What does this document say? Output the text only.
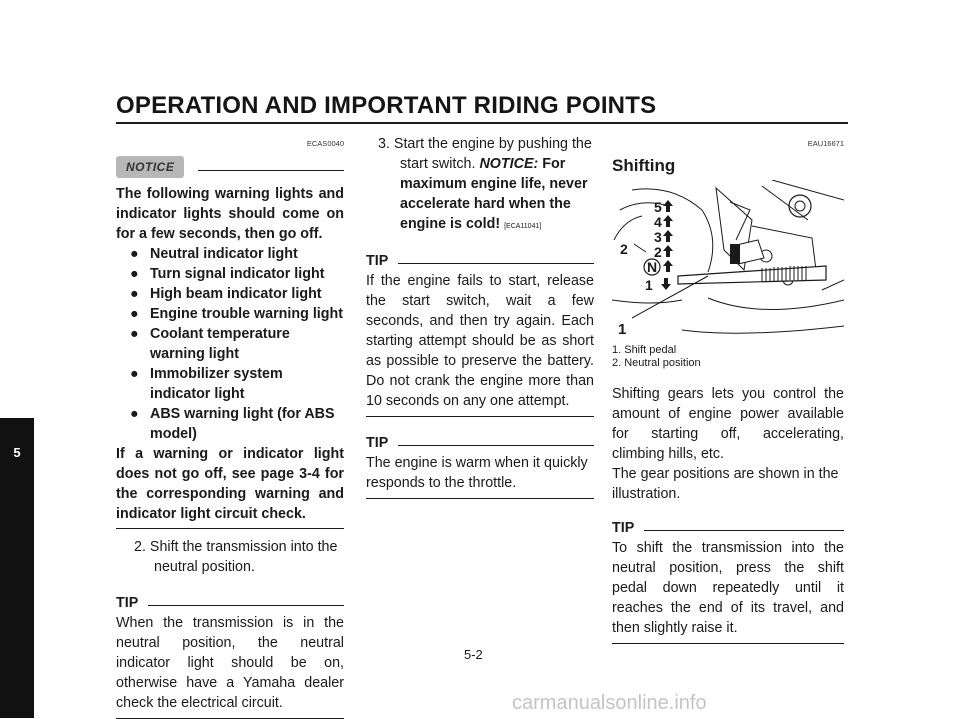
OPERATION AND IMPORTANT RIDING POINTS
5
ECAS0040
NOTICE

The following warning lights and indicator lights should come on for a few seconds, then go off.

● Neutral indicator light
● Turn signal indicator light
● High beam indicator light
● Engine trouble warning light
● Coolant temperature warning light
● Immobilizer system indicator light
● ABS warning light (for ABS model)

If a warning or indicator light does not go off, see page 3-4 for the corresponding warning and indicator light circuit check.

2. Shift the transmission into the neutral position.

TIP

When the transmission is in the neutral position, the neutral indicator light should be on, otherwise have a Yamaha dealer check the electrical circuit.

3. Start the engine by pushing the start switch. NOTICE: For maximum engine life, never accelerate hard when the engine is cold! [ECA11041]

TIP

If the engine fails to start, release the start switch, wait a few seconds, and then try again. Each starting attempt should be as short as possible to preserve the battery. Do not crank the engine more than 10 seconds on any one attempt.

TIP

The engine is warm when it quickly responds to the throttle.

EAU16671
Shifting
5
4
3
2
N
1
2
1
1. Shift pedal
2. Neutral position

Shifting gears lets you control the amount of engine power available for starting off, accelerating, climbing hills, etc.

The gear positions are shown in the illustration.

TIP

To shift the transmission into the neutral position, press the shift pedal down repeatedly until it reaches the end of its travel, and then slightly raise it.

5-2
carmanualsonline.info
